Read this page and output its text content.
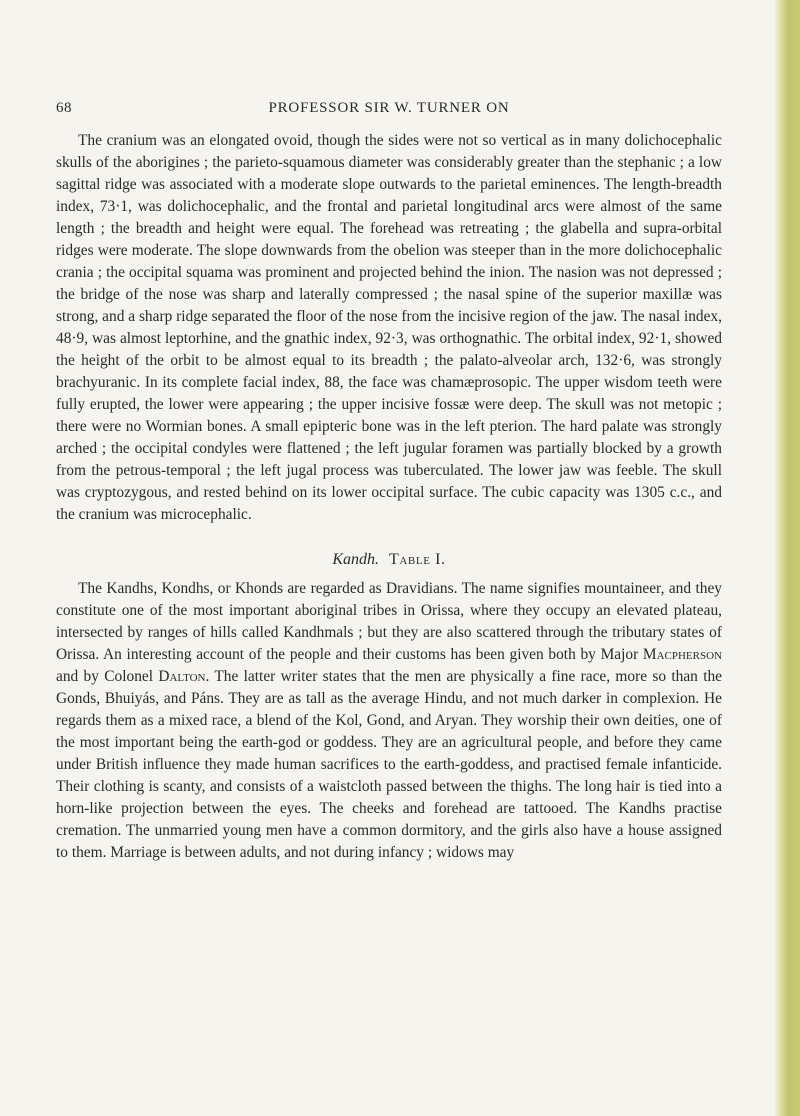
68	PROFESSOR SIR W. TURNER ON

The cranium was an elongated ovoid, though the sides were not so vertical as in many dolichocephalic skulls of the aborigines ; the parieto-squamous diameter was considerably greater than the stephanic ; a low sagittal ridge was associated with a moderate slope outwards to the parietal eminences. The length-breadth index, 73·1, was dolichocephalic, and the frontal and parietal longitudinal arcs were almost of the same length ; the breadth and height were equal. The forehead was retreating ; the glabella and supra-orbital ridges were moderate. The slope downwards from the obelion was steeper than in the more dolichocephalic crania ; the occipital squama was prominent and projected behind the inion. The nasion was not depressed ; the bridge of the nose was sharp and laterally compressed ; the nasal spine of the superior maxillæ was strong, and a sharp ridge separated the floor of the nose from the incisive region of the jaw. The nasal index, 48·9, was almost leptorhine, and the gnathic index, 92·3, was orthognathic. The orbital index, 92·1, showed the height of the orbit to be almost equal to its breadth ; the palato-alveolar arch, 132·6, was strongly brachyuranic. In its complete facial index, 88, the face was chamæprosopic. The upper wisdom teeth were fully erupted, the lower were appearing ; the upper incisive fossæ were deep. The skull was not metopic ; there were no Wormian bones. A small epipteric bone was in the left pterion. The hard palate was strongly arched ; the occipital condyles were flattened ; the left jugular foramen was partially blocked by a growth from the petrous-temporal ; the left jugal process was tuberculated. The lower jaw was feeble. The skull was cryptozygous, and rested behind on its lower occipital surface. The cubic capacity was 1305 c.c., and the cranium was microcephalic.

Kandh. Table I.

The Kandhs, Kondhs, or Khonds are regarded as Dravidians. The name signifies mountaineer, and they constitute one of the most important aboriginal tribes in Orissa, where they occupy an elevated plateau, intersected by ranges of hills called Kandhmals ; but they are also scattered through the tributary states of Orissa. An interesting account of the people and their customs has been given both by Major Macpherson and by Colonel Dalton. The latter writer states that the men are physically a fine race, more so than the Gonds, Bhuiyás, and Páns. They are as tall as the average Hindu, and not much darker in complexion. He regards them as a mixed race, a blend of the Kol, Gond, and Aryan. They worship their own deities, one of the most important being the earth-god or goddess. They are an agricultural people, and before they came under British influence they made human sacrifices to the earth-goddess, and practised female infanticide. Their clothing is scanty, and consists of a waistcloth passed between the thighs. The long hair is tied into a horn-like projection between the eyes. The cheeks and forehead are tattooed. The Kandhs practise cremation. The unmarried young men have a common dormitory, and the girls also have a house assigned to them. Marriage is between adults, and not during infancy ; widows may
